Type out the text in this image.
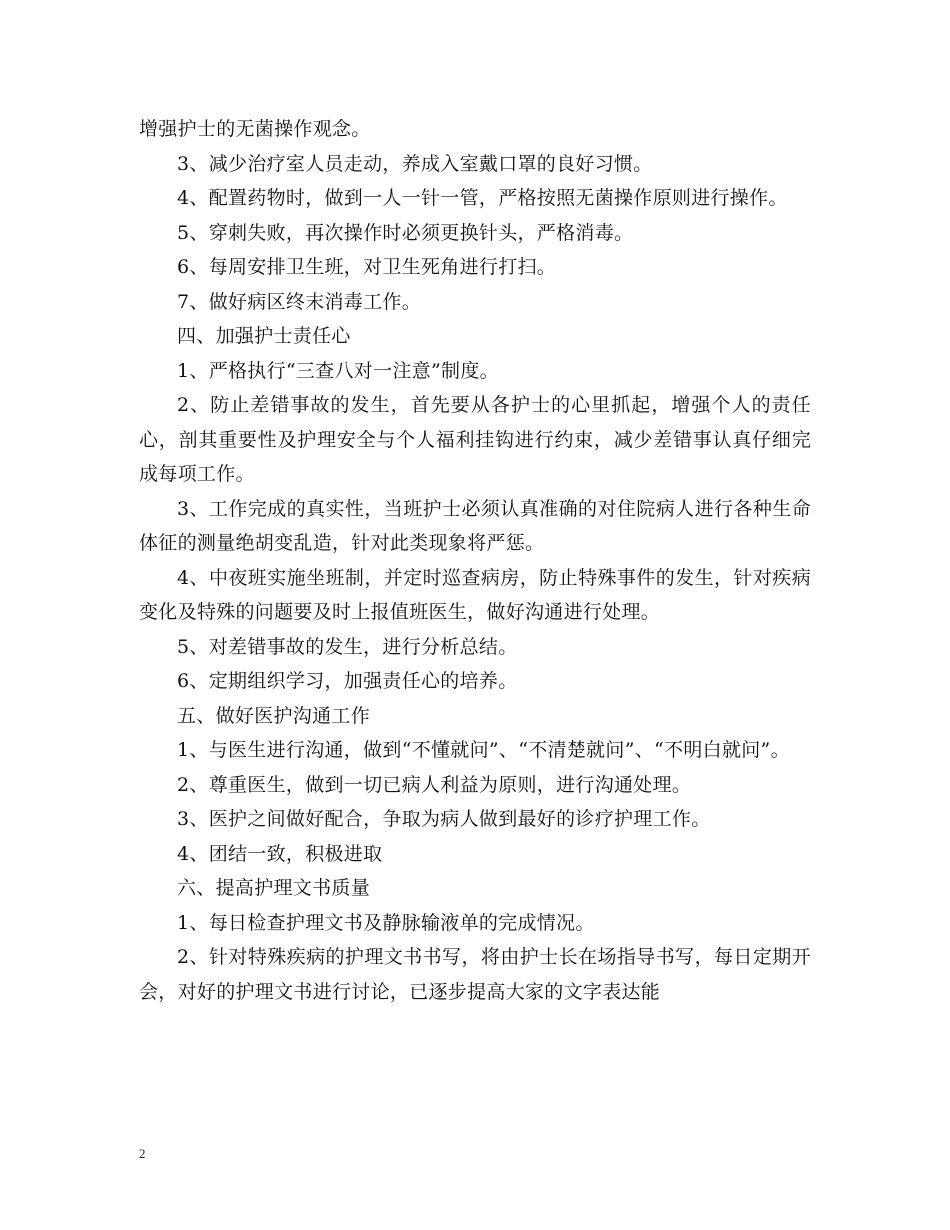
增强护士的无菌操作观念。

3、减少治疗室人员走动，养成入室戴口罩的良好习惯。

4、配置药物时，做到一人一针一管，严格按照无菌操作原则进行操作。

5、穿刺失败，再次操作时必须更换针头，严格消毒。

6、每周安排卫生班，对卫生死角进行打扫。

7、做好病区终末消毒工作。

四、加强护士责任心

1、严格执行“三查八对一注意”制度。

2、防止差错事故的发生，首先要从各护士的心里抓起，增强个人的责任心，剖其重要性及护理安全与个人福利挂钩进行约束，减少差错事认真仔细完成每项工作。

3、工作完成的真实性，当班护士必须认真准确的对住院病人进行各种生命体征的测量绝胡变乱造，针对此类现象将严惩。

4、中夜班实施坐班制，并定时巡查病房，防止特殊事件的发生，针对疾病变化及特殊的问题要及时上报值班医生，做好沟通进行处理。

5、对差错事故的发生，进行分析总结。

6、定期组织学习，加强责任心的培养。

五、做好医护沟通工作

1、与医生进行沟通，做到“不懂就问”、“不清楚就问”、“不明白就问”。

2、尊重医生，做到一切已病人利益为原则，进行沟通处理。

3、医护之间做好配合，争取为病人做到最好的诊疗护理工作。

4、团结一致，积极进取

六、提高护理文书质量

1、每日检查护理文书及静脉输液单的完成情况。

2、针对特殊疾病的护理文书书写，将由护士长在场指导书写，每日定期开会，对好的护理文书进行讨论，已逐步提高大家的文字表达能

2
